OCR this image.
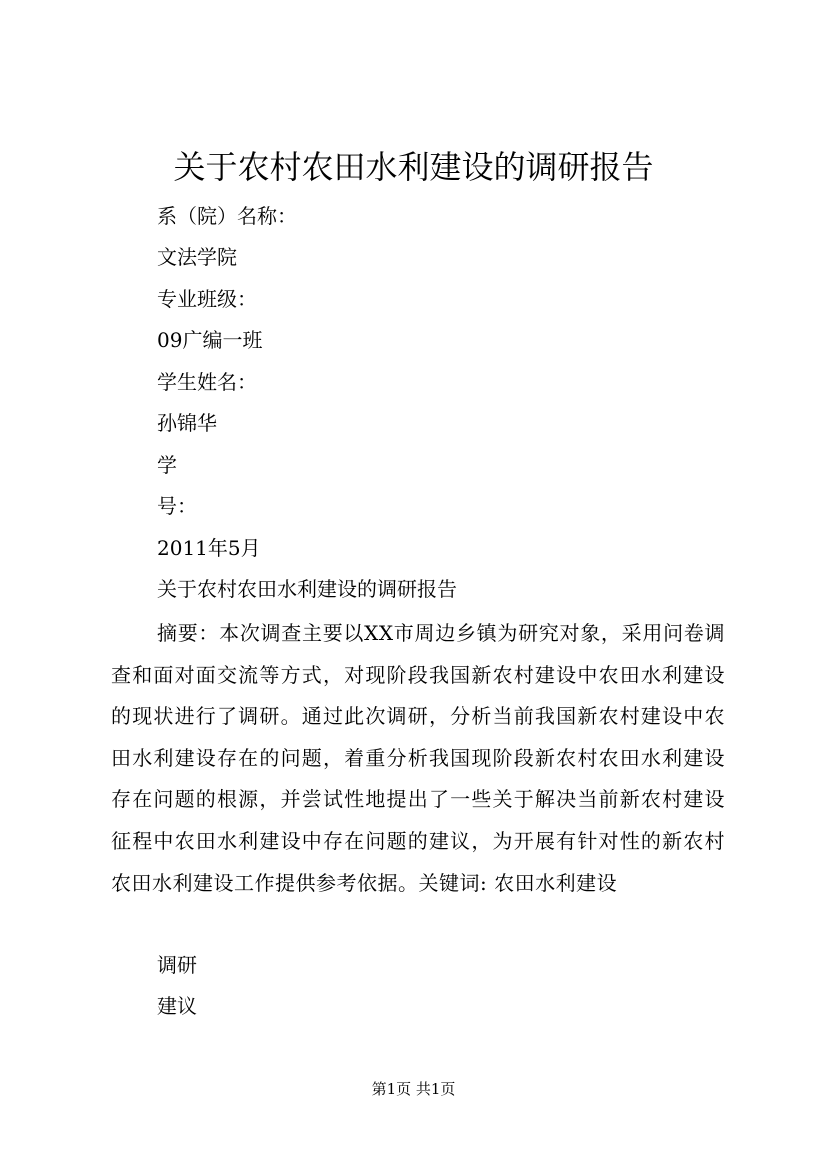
关于农村农田水利建设的调研报告
系（院）名称：
文法学院
专业班级：
09广编一班
学生姓名：
孙锦华
学
号：
2011年5月
关于农村农田水利建设的调研报告
摘要：本次调查主要以XX市周边乡镇为研究对象，采用问卷调查和面对面交流等方式，对现阶段我国新农村建设中农田水利建设的现状进行了调研。通过此次调研，分析当前我国新农村建设中农田水利建设存在的问题，着重分析我国现阶段新农村农田水利建设存在问题的根源，并尝试性地提出了一些关于解决当前新农村建设征程中农田水利建设中存在问题的建议，为开展有针对性的新农村农田水利建设工作提供参考依据。关键词: 农田水利建设
调研
建议
第1页 共1页
